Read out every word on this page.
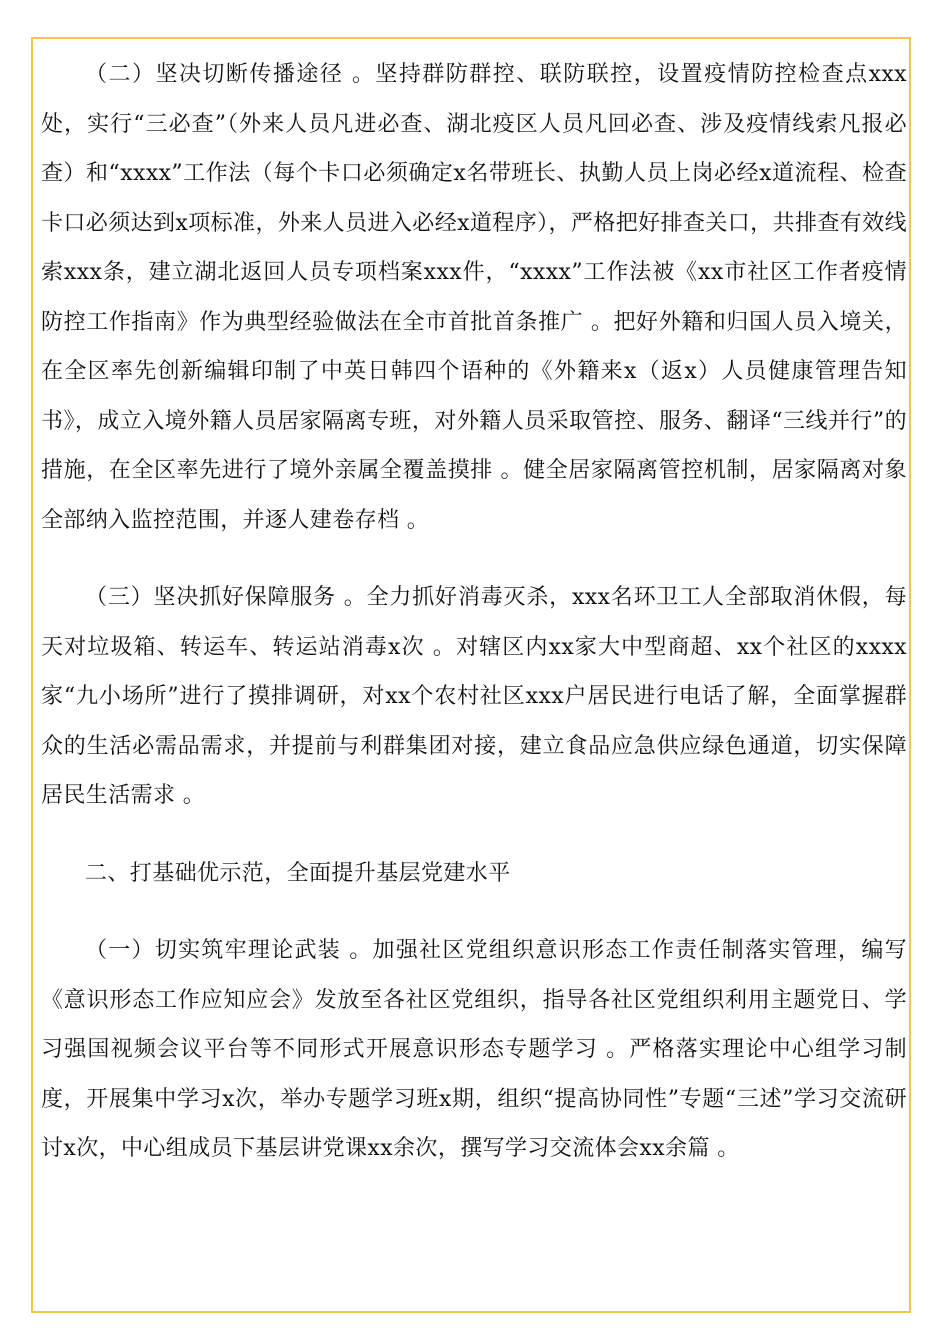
（二）坚决切断传播途径 。坚持群防群控、联防联控，设置疫情防控检查点xxx处，实行“三必查”（外来人员凡进必查、湖北疫区人员凡回必查、涉及疫情线索凡报必查）和“xxxx”工作法（每个卡口必须确定x名带班长、执勤人员上岗必经x道流程、检查卡口必须达到x项标准，外来人员进入必经x道程序），严格把好排查关口，共排查有效线索xxx条，建立湖北返回人员专项档案xxx件，“xxxx”工作法被《xx市社区工作者疫情防控工作指南》作为典型经验做法在全市首批首条推广 。把好外籍和归国人员入境关，在全区率先创新编辑印制了中英日韩四个语种的《外籍来x（返x）人员健康管理告知书》，成立入境外籍人员居家隔离专班，对外籍人员采取管控、服务、翻译“三线并行”的措施，在全区率先进行了境外亲属全覆盖摸排 。健全居家隔离管控机制，居家隔离对象全部纳入监控范围，并逐人建卷存档 。

（三）坚决抓好保障服务 。全力抓好消毒灭杀，xxx名环卫工人全部取消休假，每天对垃圾箱、转运车、转运站消毒x次 。对辖区内xx家大中型商超、xx个社区的xxxx家“九小场所”进行了摸排调研，对xx个农村社区xxx户居民进行电话了解，全面掌握群众的生活必需品需求，并提前与利群集团对接，建立食品应急供应绿色通道，切实保障居民生活需求 。

二、打基础优示范，全面提升基层党建水平

（一）切实筑牢理论武装 。加强社区党组织意识形态工作责任制落实管理，编写《意识形态工作应知应会》发放至各社区党组织，指导各社区党组织利用主题党日、学习强国视频会议平台等不同形式开展意识形态专题学习 。严格落实理论中心组学习制度，开展集中学习x次，举办专题学习班x期，组织“提高协同性”专题“三述”学习交流研讨x次，中心组成员下基层讲党课xx余次，撰写学习交流体会xx余篇 。
